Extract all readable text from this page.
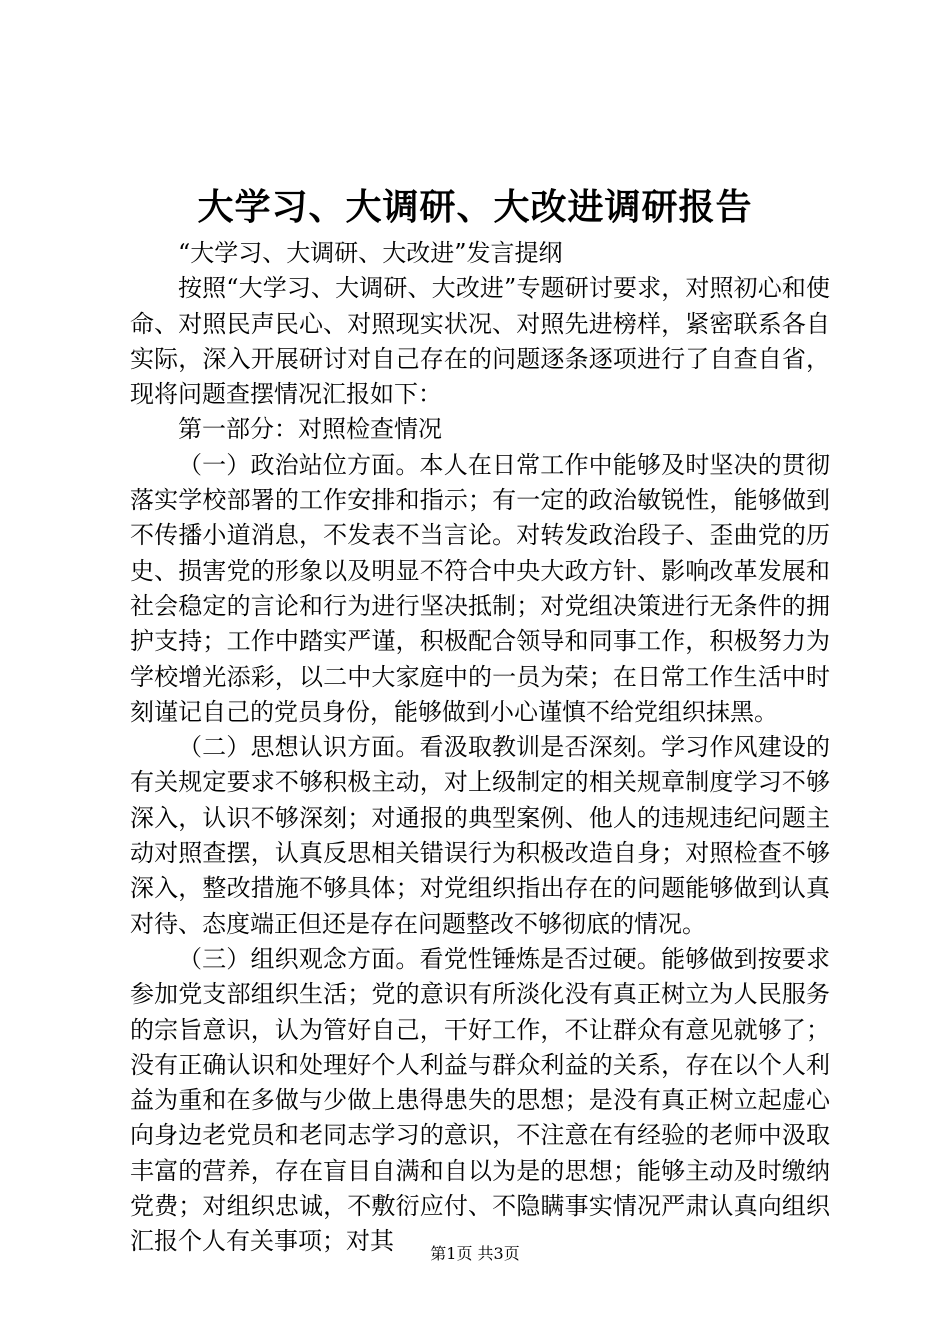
大学习、大调研、大改进调研报告

“大学习、大调研、大改进”发言提纲

按照“大学习、大调研、大改进”专题研讨要求，对照初心和使命、对照民声民心、对照现实状况、对照先进榜样，紧密联系各自实际，深入开展研讨对自己存在的问题逐条逐项进行了自查自省，现将问题查摆情况汇报如下：

第一部分：对照检查情况

（一）政治站位方面。本人在日常工作中能够及时坚决的贯彻落实学校部署的工作安排和指示；有一定的政治敏锐性，能够做到不传播小道消息，不发表不当言论。对转发政治段子、歪曲党的历史、损害党的形象以及明显不符合中央大政方针、影响改革发展和社会稳定的言论和行为进行坚决抵制；对党组决策进行无条件的拥护支持；工作中踏实严谨，积极配合领导和同事工作，积极努力为学校增光添彩，以二中大家庭中的一员为荣；在日常工作生活中时刻谨记自己的党员身份，能够做到小心谨慎不给党组织抹黑。

（二）思想认识方面。看汲取教训是否深刻。学习作风建设的有关规定要求不够积极主动，对上级制定的相关规章制度学习不够深入，认识不够深刻；对通报的典型案例、他人的违规违纪问题主动对照查摆，认真反思相关错误行为积极改造自身；对照检查不够深入，整改措施不够具体；对党组织指出存在的问题能够做到认真对待、态度端正但还是存在问题整改不够彻底的情况。

（三）组织观念方面。看党性锤炼是否过硬。能够做到按要求参加党支部组织生活；党的意识有所淡化没有真正树立为人民服务的宗旨意识，认为管好自己，干好工作，不让群众有意见就够了；没有正确认识和处理好个人利益与群众利益的关系，存在以个人利益为重和在多做与少做上患得患失的思想；是没有真正树立起虚心向身边老党员和老同志学习的意识，不注意在有经验的老师中汲取丰富的营养，存在盲目自满和自以为是的思想；能够主动及时缴纳党费；对组织忠诚，不敷衍应付、不隐瞒事实情况严肃认真向组织汇报个人有关事项；对其	第1页 共3页
